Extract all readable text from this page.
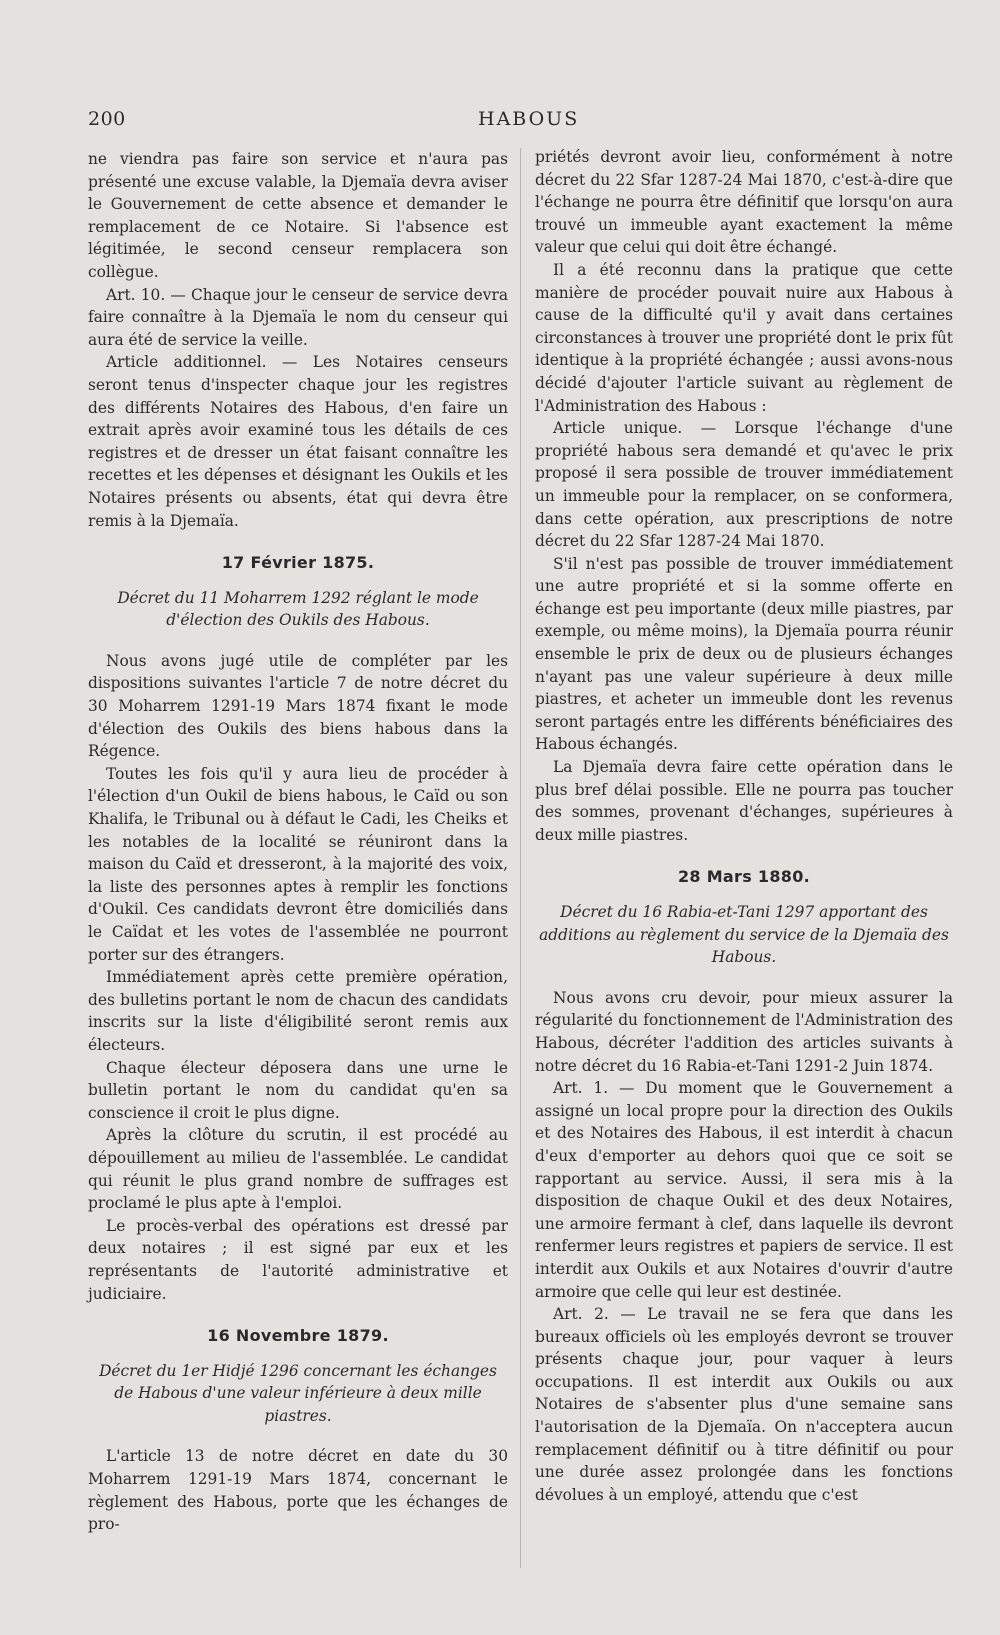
200	HABOUS

ne viendra pas faire son service et n'aura pas présenté une excuse valable, la Djemaïa devra aviser le Gouvernement de cette absence et demander le remplacement de ce Notaire. Si l'absence est légitimée, le second censeur remplacera son collègue.

Art. 10. — Chaque jour le censeur de service devra faire connaître à la Djemaïa le nom du censeur qui aura été de service la veille.

Article additionnel. — Les Notaires censeurs seront tenus d'inspecter chaque jour les registres des différents Notaires des Habous, d'en faire un extrait après avoir examiné tous les détails de ces registres et de dresser un état faisant connaître les recettes et les dépenses et désignant les Oukils et les Notaires présents ou absents, état qui devra être remis à la Djemaïa.

17 Février 1875.
Décret du 11 Moharrem 1292 réglant le mode d'élection des Oukils des Habous.

Nous avons jugé utile de compléter par les dispositions suivantes l'article 7 de notre décret du 30 Moharrem 1291-19 Mars 1874 fixant le mode d'élection des Oukils des biens habous dans la Régence.

Toutes les fois qu'il y aura lieu de procéder à l'élection d'un Oukil de biens habous, le Caïd ou son Khalifa, le Tribunal ou à défaut le Cadi, les Cheiks et les notables de la localité se réuniront dans la maison du Caïd et dresseront, à la majorité des voix, la liste des personnes aptes à remplir les fonctions d'Oukil. Ces candidats devront être domiciliés dans le Caïdat et les votes de l'assemblée ne pourront porter sur des étrangers.

Immédiatement après cette première opération, des bulletins portant le nom de chacun des candidats inscrits sur la liste d'éligibilité seront remis aux électeurs.

Chaque électeur déposera dans une urne le bulletin portant le nom du candidat qu'en sa conscience il croit le plus digne.

Après la clôture du scrutin, il est procédé au dépouillement au milieu de l'assemblée. Le candidat qui réunit le plus grand nombre de suffrages est proclamé le plus apte à l'emploi.

Le procès-verbal des opérations est dressé par deux notaires ; il est signé par eux et les représentants de l'autorité administrative et judiciaire.

16 Novembre 1879.
Décret du 1er Hidjé 1296 concernant les échanges de Habous d'une valeur inférieure à deux mille piastres.

L'article 13 de notre décret en date du 30 Moharrem 1291-19 Mars 1874, concernant le règlement des Habous, porte que les échanges de pro-

priétés devront avoir lieu, conformément à notre décret du 22 Sfar 1287-24 Mai 1870, c'est-à-dire que l'échange ne pourra être définitif que lorsqu'on aura trouvé un immeuble ayant exactement la même valeur que celui qui doit être échangé.

Il a été reconnu dans la pratique que cette manière de procéder pouvait nuire aux Habous à cause de la difficulté qu'il y avait dans certaines circonstances à trouver une propriété dont le prix fût identique à la propriété échangée ; aussi avons-nous décidé d'ajouter l'article suivant au règlement de l'Administration des Habous :

Article unique. — Lorsque l'échange d'une propriété habous sera demandé et qu'avec le prix proposé il sera possible de trouver immédiatement un immeuble pour la remplacer, on se conformera, dans cette opération, aux prescriptions de notre décret du 22 Sfar 1287-24 Mai 1870.

S'il n'est pas possible de trouver immédiatement une autre propriété et si la somme offerte en échange est peu importante (deux mille piastres, par exemple, ou même moins), la Djemaïa pourra réunir ensemble le prix de deux ou de plusieurs échanges n'ayant pas une valeur supérieure à deux mille piastres, et acheter un immeuble dont les revenus seront partagés entre les différents bénéficiaires des Habous échangés.

La Djemaïa devra faire cette opération dans le plus bref délai possible. Elle ne pourra pas toucher des sommes, provenant d'échanges, supérieures à deux mille piastres.

28 Mars 1880.
Décret du 16 Rabia-et-Tani 1297 apportant des additions au règlement du service de la Djemaïa des Habous.

Nous avons cru devoir, pour mieux assurer la régularité du fonctionnement de l'Administration des Habous, décréter l'addition des articles suivants à notre décret du 16 Rabia-et-Tani 1291-2 Juin 1874.

Art. 1. — Du moment que le Gouvernement a assigné un local propre pour la direction des Oukils et des Notaires des Habous, il est interdit à chacun d'eux d'emporter au dehors quoi que ce soit se rapportant au service. Aussi, il sera mis à la disposition de chaque Oukil et des deux Notaires, une armoire fermant à clef, dans laquelle ils devront renfermer leurs registres et papiers de service. Il est interdit aux Oukils et aux Notaires d'ouvrir d'autre armoire que celle qui leur est destinée.

Art. 2. — Le travail ne se fera que dans les bureaux officiels où les employés devront se trouver présents chaque jour, pour vaquer à leurs occupations. Il est interdit aux Oukils ou aux Notaires de s'absenter plus d'une semaine sans l'autorisation de la Djemaïa. On n'acceptera aucun remplacement définitif ou à titre définitif ou pour une durée assez prolongée dans les fonctions dévolues à un employé, attendu que c'est
